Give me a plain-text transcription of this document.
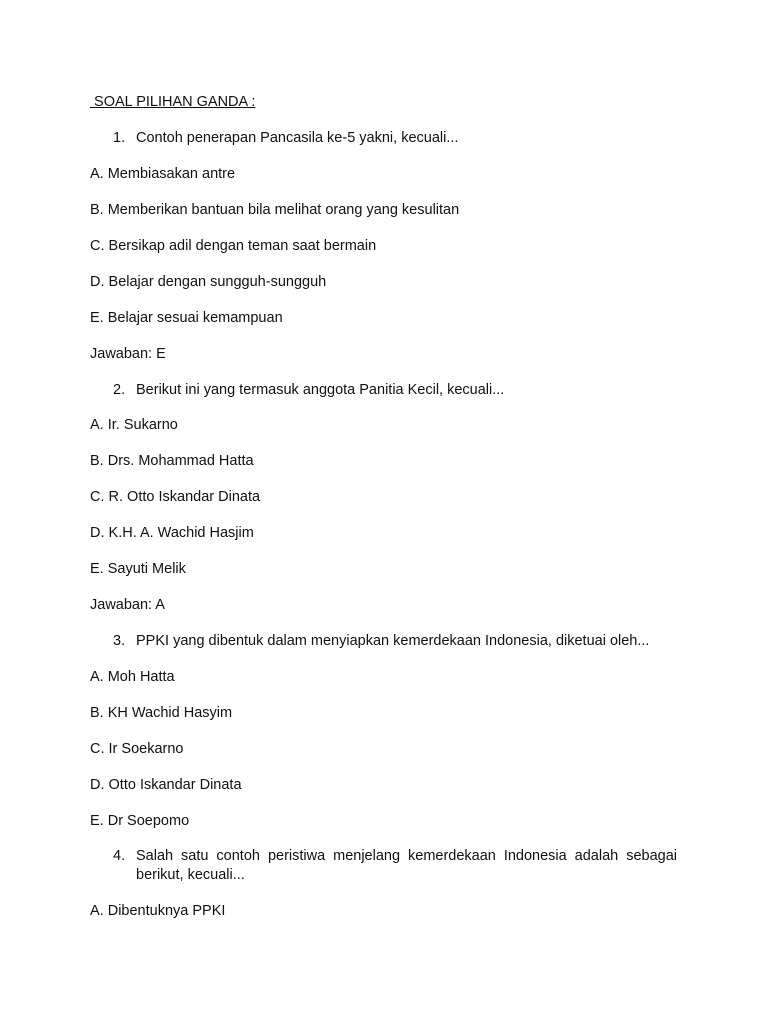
SOAL PILIHAN GANDA :
1. Contoh penerapan Pancasila ke-5 yakni, kecuali...
A. Membiasakan antre
B. Memberikan bantuan bila melihat orang yang kesulitan
C. Bersikap adil dengan teman saat bermain
D. Belajar dengan sungguh-sungguh
E. Belajar sesuai kemampuan
Jawaban: E
2. Berikut ini yang termasuk anggota Panitia Kecil, kecuali...
A. Ir. Sukarno
B. Drs. Mohammad Hatta
C. R. Otto Iskandar Dinata
D. K.H. A. Wachid Hasjim
E. Sayuti Melik
Jawaban: A
3. PPKI yang dibentuk dalam menyiapkan kemerdekaan Indonesia, diketuai oleh...
A. Moh Hatta
B. KH Wachid Hasyim
C. Ir Soekarno
D. Otto Iskandar Dinata
E. Dr Soepomo
4. Salah satu contoh peristiwa menjelang kemerdekaan Indonesia adalah sebagai berikut, kecuali...
A. Dibentuknya PPKI
